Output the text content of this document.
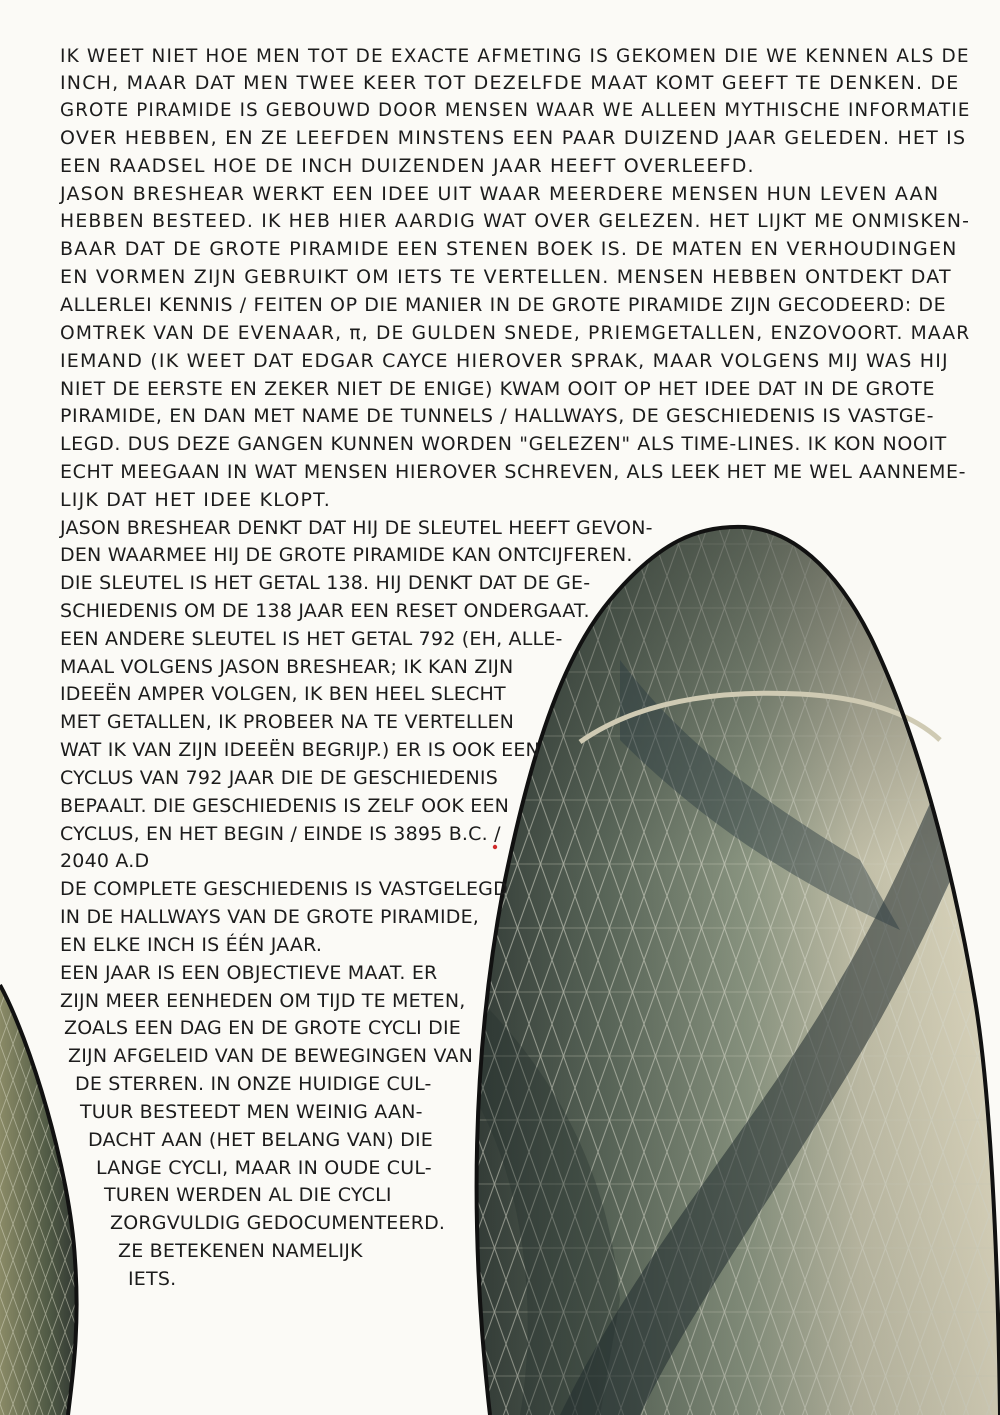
IK WEET NIET HOE MEN TOT DE EXACTE AFMETING IS GEKOMEN DIE WE KENNEN ALS DE

INCH, MAAR DAT MEN TWEE KEER TOT DEZELFDE MAAT KOMT GEEFT TE DENKEN. DE

GROTE PIRAMIDE IS GEBOUWD DOOR MENSEN WAAR WE ALLEEN MYTHISCHE INFORMATIE

OVER HEBBEN, EN ZE LEEFDEN MINSTENS EEN PAAR DUIZEND JAAR GELEDEN. HET IS

EEN RAADSEL HOE DE INCH DUIZENDEN JAAR HEEFT OVERLEEFD.

JASON BRESHEAR WERKT EEN IDEE UIT WAAR MEERDERE MENSEN HUN LEVEN AAN

HEBBEN BESTEED. IK HEB HIER AARDIG WAT OVER GELEZEN. HET LIJKT ME ONMISKEN-

BAAR DAT DE GROTE PIRAMIDE EEN STENEN BOEK IS. DE MATEN EN VERHOUDINGEN

EN VORMEN ZIJN GEBRUIKT OM IETS TE VERTELLEN. MENSEN HEBBEN ONTDEKT DAT

ALLERLEI KENNIS / FEITEN OP DIE MANIER IN DE GROTE PIRAMIDE ZIJN GECODEERD: DE

OMTREK VAN DE EVENAAR, π, DE GULDEN SNEDE, PRIEMGETALLEN, ENZOVOORT. MAAR

IEMAND (IK WEET DAT EDGAR CAYCE HIEROVER SPRAK, MAAR VOLGENS MIJ WAS HIJ

NIET DE EERSTE EN ZEKER NIET DE ENIGE) KWAM OOIT OP HET IDEE DAT IN DE GROTE

PIRAMIDE, EN DAN MET NAME DE TUNNELS / HALLWAYS, DE GESCHIEDENIS IS VASTGE-

LEGD. DUS DEZE GANGEN KUNNEN WORDEN "GELEZEN" ALS TIME-LINES. IK KON NOOIT

ECHT MEEGAAN IN WAT MENSEN HIEROVER SCHREVEN, ALS LEEK HET ME WEL AANNEME-

LIJK DAT HET IDEE KLOPT.

JASON BRESHEAR DENKT DAT HIJ DE SLEUTEL HEEFT GEVON-

DEN WAARMEE HIJ DE GROTE PIRAMIDE KAN ONTCIJFEREN.

DIE SLEUTEL IS HET GETAL 138. HIJ DENKT DAT DE GE-

SCHIEDENIS OM DE 138 JAAR EEN RESET ONDERGAAT.

EEN ANDERE SLEUTEL IS HET GETAL 792 (EH, ALLE-

MAAL VOLGENS JASON BRESHEAR; IK KAN ZIJN

IDEEËN AMPER VOLGEN, IK BEN HEEL SLECHT

MET GETALLEN, IK PROBEER NA TE VERTELLEN

WAT IK VAN ZIJN IDEEËN BEGRIJP.) ER IS OOK EEN

CYCLUS VAN 792 JAAR DIE DE GESCHIEDENIS

BEPAALT. DIE GESCHIEDENIS IS ZELF OOK EEN

CYCLUS, EN HET BEGIN / EINDE IS 3895 B.C. /

2040 A.D

DE COMPLETE GESCHIEDENIS IS VASTGELEGD

IN DE HALLWAYS VAN DE GROTE PIRAMIDE,

EN ELKE INCH IS ÉÉN JAAR.

EEN JAAR IS EEN OBJECTIEVE MAAT. ER

ZIJN MEER EENHEDEN OM TIJD TE METEN,

ZOALS EEN DAG EN DE GROTE CYCLI DIE

ZIJN AFGELEID VAN DE BEWEGINGEN VAN

DE STERREN. IN ONZE HUIDIGE CUL-

TUUR BESTEEDT MEN WEINIG AAN-

DACHT AAN (HET BELANG VAN) DIE

LANGE CYCLI, MAAR IN OUDE CUL-

TUREN WERDEN AL DIE CYCLI

ZORGVULDIG GEDOCUMENTEERD.

ZE BETEKENEN NAMELIJK

IETS.
